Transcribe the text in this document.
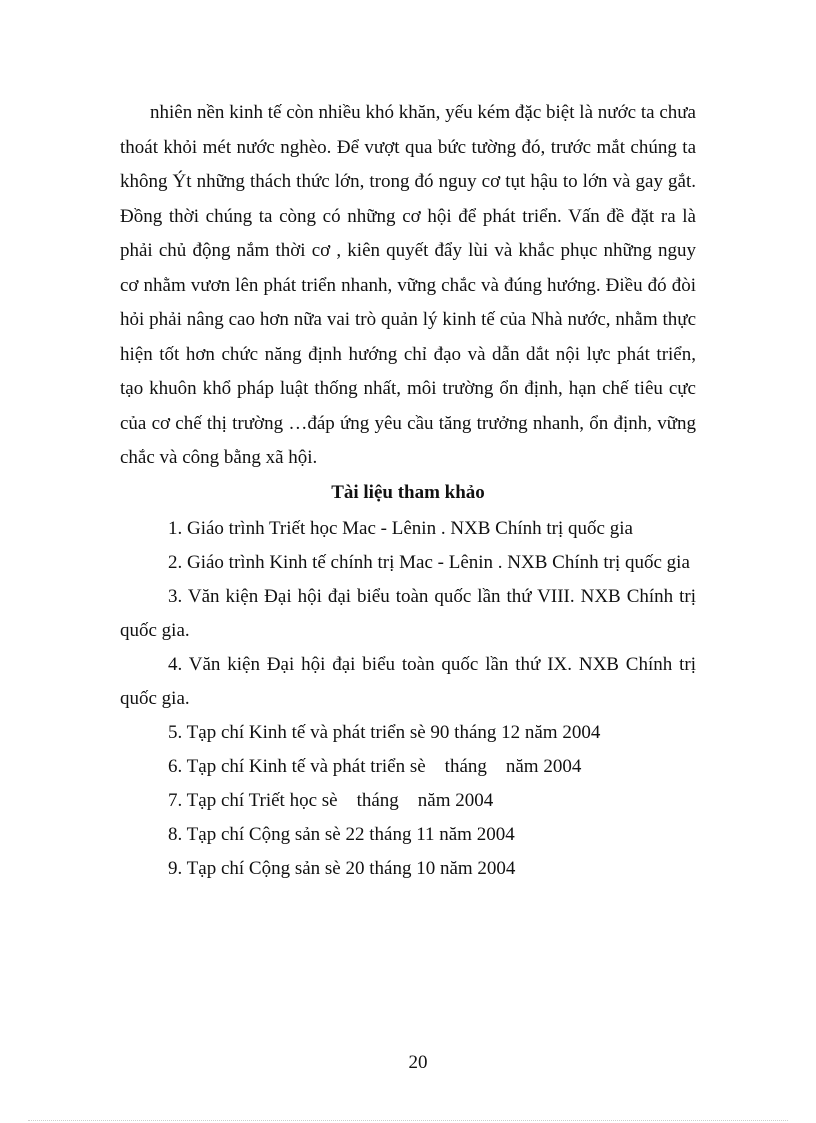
nhiên nền kinh tế còn nhiều khó khăn, yếu kém đặc biệt là nước ta chưa thoát khỏi mét nước nghèo. Để vượt qua bức tường đó, trước mắt chúng ta không Ýt những thách thức lớn, trong đó nguy cơ tụt hậu to lớn và gay gắt. Đồng thời chúng ta còng có những cơ hội để phát triển. Vấn đề đặt ra là phải chủ động nắm thời cơ , kiên quyết đẩy lùi và khắc phục những nguy cơ nhằm vươn lên phát triển nhanh, vững chắc và đúng hướng. Điều đó đòi hỏi phải nâng cao hơn nữa vai trò quản lý kinh tế của Nhà nước, nhằm thực hiện tốt hơn chức năng định hướng chỉ đạo và dẫn dắt nội lực phát triển, tạo khuôn khổ pháp luật thống nhất, môi trường ổn định, hạn chế tiêu cực của cơ chế thị trường …đáp ứng yêu cầu tăng trưởng nhanh, ổn định, vững chắc và công bằng xã hội.

Tài liệu tham khảo

1. Giáo trình Triết học Mac - Lênin . NXB Chính trị quốc gia
2. Giáo trình Kinh tế chính trị Mac - Lênin . NXB Chính trị quốc gia
3. Văn kiện Đại hội đại biểu toàn quốc lần thứ VIII. NXB Chính trị quốc gia.
4. Văn kiện Đại hội đại biểu toàn quốc lần thứ IX. NXB Chính trị quốc gia.
5. Tạp chí Kinh tế và phát triển sè 90 tháng 12 năm 2004
6. Tạp chí Kinh tế và phát triển sè    tháng    năm 2004
7. Tạp chí Triết học sè    tháng    năm 2004
8. Tạp chí Cộng sản sè 22 tháng 11 năm 2004
9. Tạp chí Cộng sản sè 20 tháng 10 năm 2004

20
